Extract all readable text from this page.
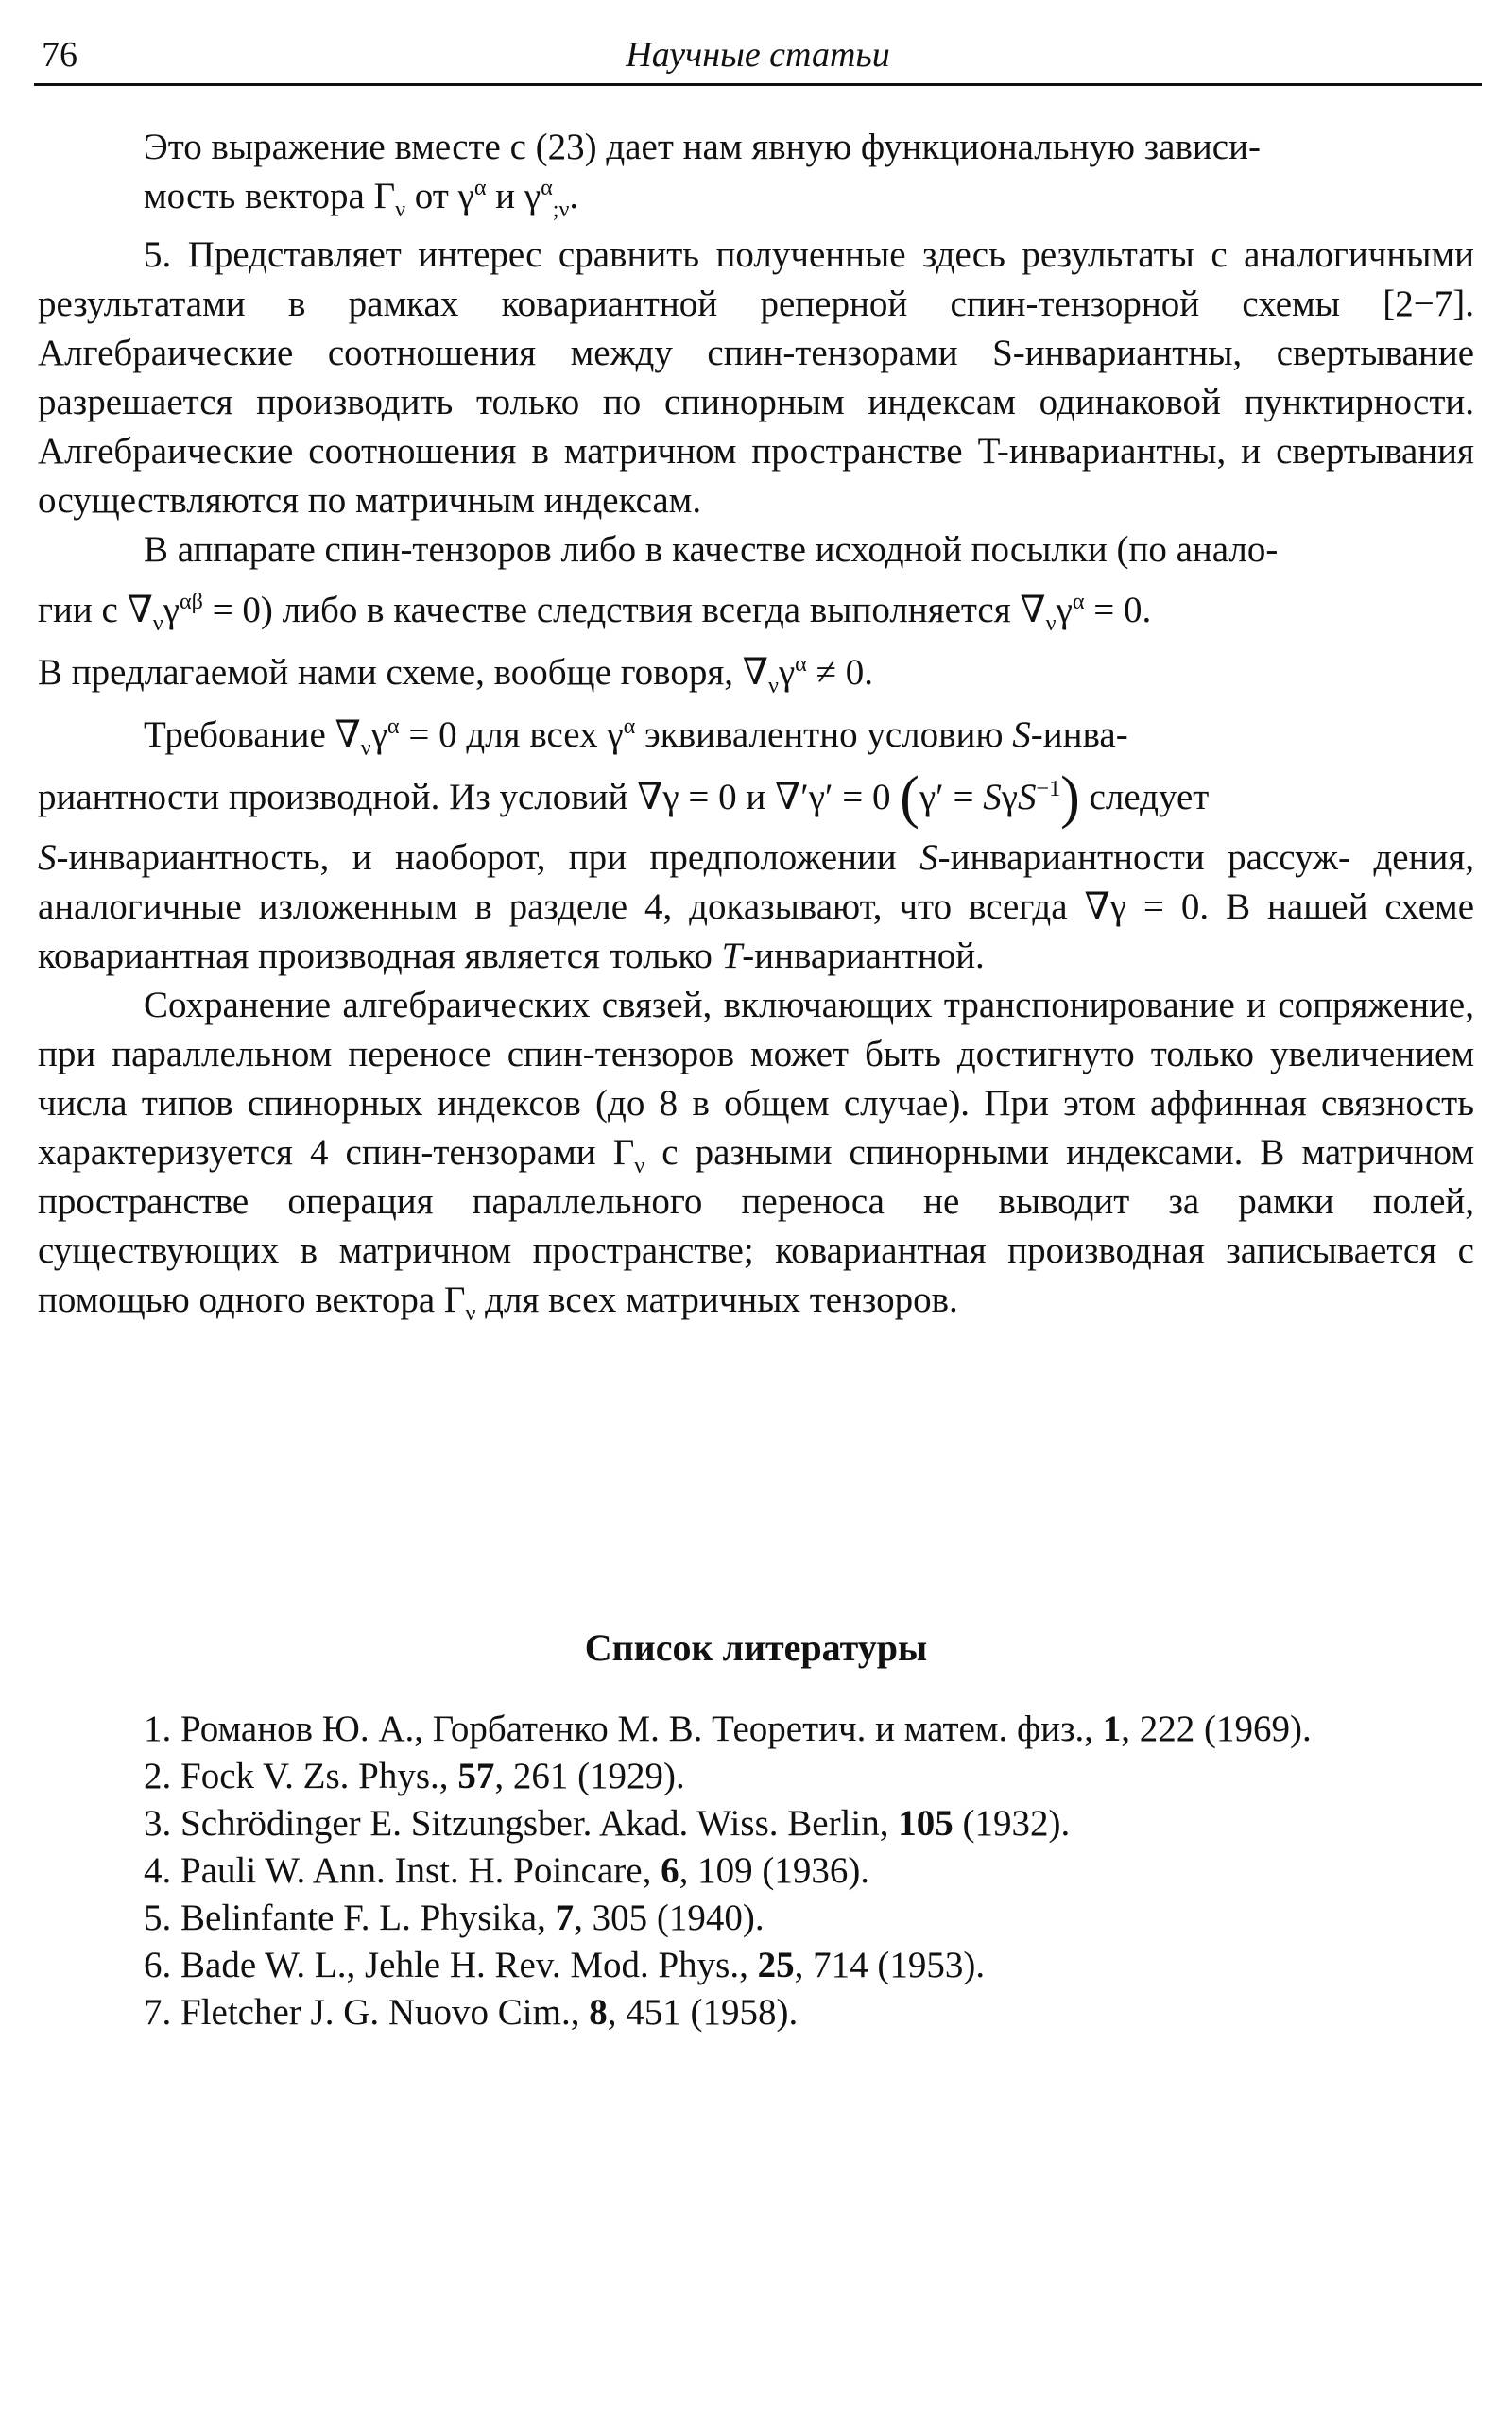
76	Научные статьи

Это выражение вместе с (23) дает нам явную функциональную зависи-
мость вектора $\Gamma_\nu$ от $\gamma^\alpha$ и $\gamma^\alpha_{;\nu}$.

5. Представляет интерес сравнить полученные здесь результаты с аналогичными результатами в рамках ковариантной реперной спин-тензорной схемы [2−7]. Алгебраические соотношения между спин-тензорами S-инвариантны, свертывание разрешается производить только по спинорным индексам одинаковой пунктирности. Алгебраические соотношения в матричном пространстве T-инвариантны, и свертывания осуществляются по матричным индексам.

В аппарате спин-тензоров либо в качестве исходной посылки (по анало-

гии с $\nabla_\nu\gamma^{\alpha\beta} = 0$) либо в качестве следствия всегда выполняется $\nabla_\nu\gamma^\alpha = 0$.

В предлагаемой нами схеме, вообще говоря, $\nabla_\nu\gamma^\alpha \ne 0$.

Требование $\nabla_\nu\gamma^\alpha = 0$ для всех $\gamma^\alpha$ эквивалентно условию S-инва-

риантности производной. Из условий ∇γ = 0 и ∇′γ′ = 0 (γ′ = SγS$^{-1}$) следует

S-инвариантность, и наоборот, при предположении S-инвариантности рассуж- дения, аналогичные изложенным в разделе 4, доказывают, что всегда ∇γ = 0. В нашей схеме ковариантная производная является только T-инвариантной.

Сохранение алгебраических связей, включающих транспонирование и сопряжение, при параллельном переносе спин-тензоров может быть достигнуто только увеличением числа типов спинорных индексов (до 8 в общем случае). При этом аффинная связность характеризуется 4 спин-тензорами $\Gamma_\nu$ с разными спинорными индексами. В матричном пространстве операция параллельного переноса не выводит за рамки полей, существующих в матричном пространстве; ковариантная производная записывается с помощью одного вектора $\Gamma_\nu$ для всех матричных тензоров.

Список литературы

1. Романов Ю. А., Горбатенко М. В. Теоретич. и матем. физ., 1, 222 (1969).

2. Fock V. Zs. Phys., 57, 261 (1929).

3. Schrödinger E. Sitzungsber. Akad. Wiss. Berlin, 105 (1932).

4. Pauli W. Ann. Inst. H. Poincare, 6, 109 (1936).

5. Belinfante F. L. Physika, 7, 305 (1940).

6. Bade W. L., Jehle H. Rev. Mod. Phys., 25, 714 (1953).

7. Fletcher J. G. Nuovo Cim., 8, 451 (1958).
